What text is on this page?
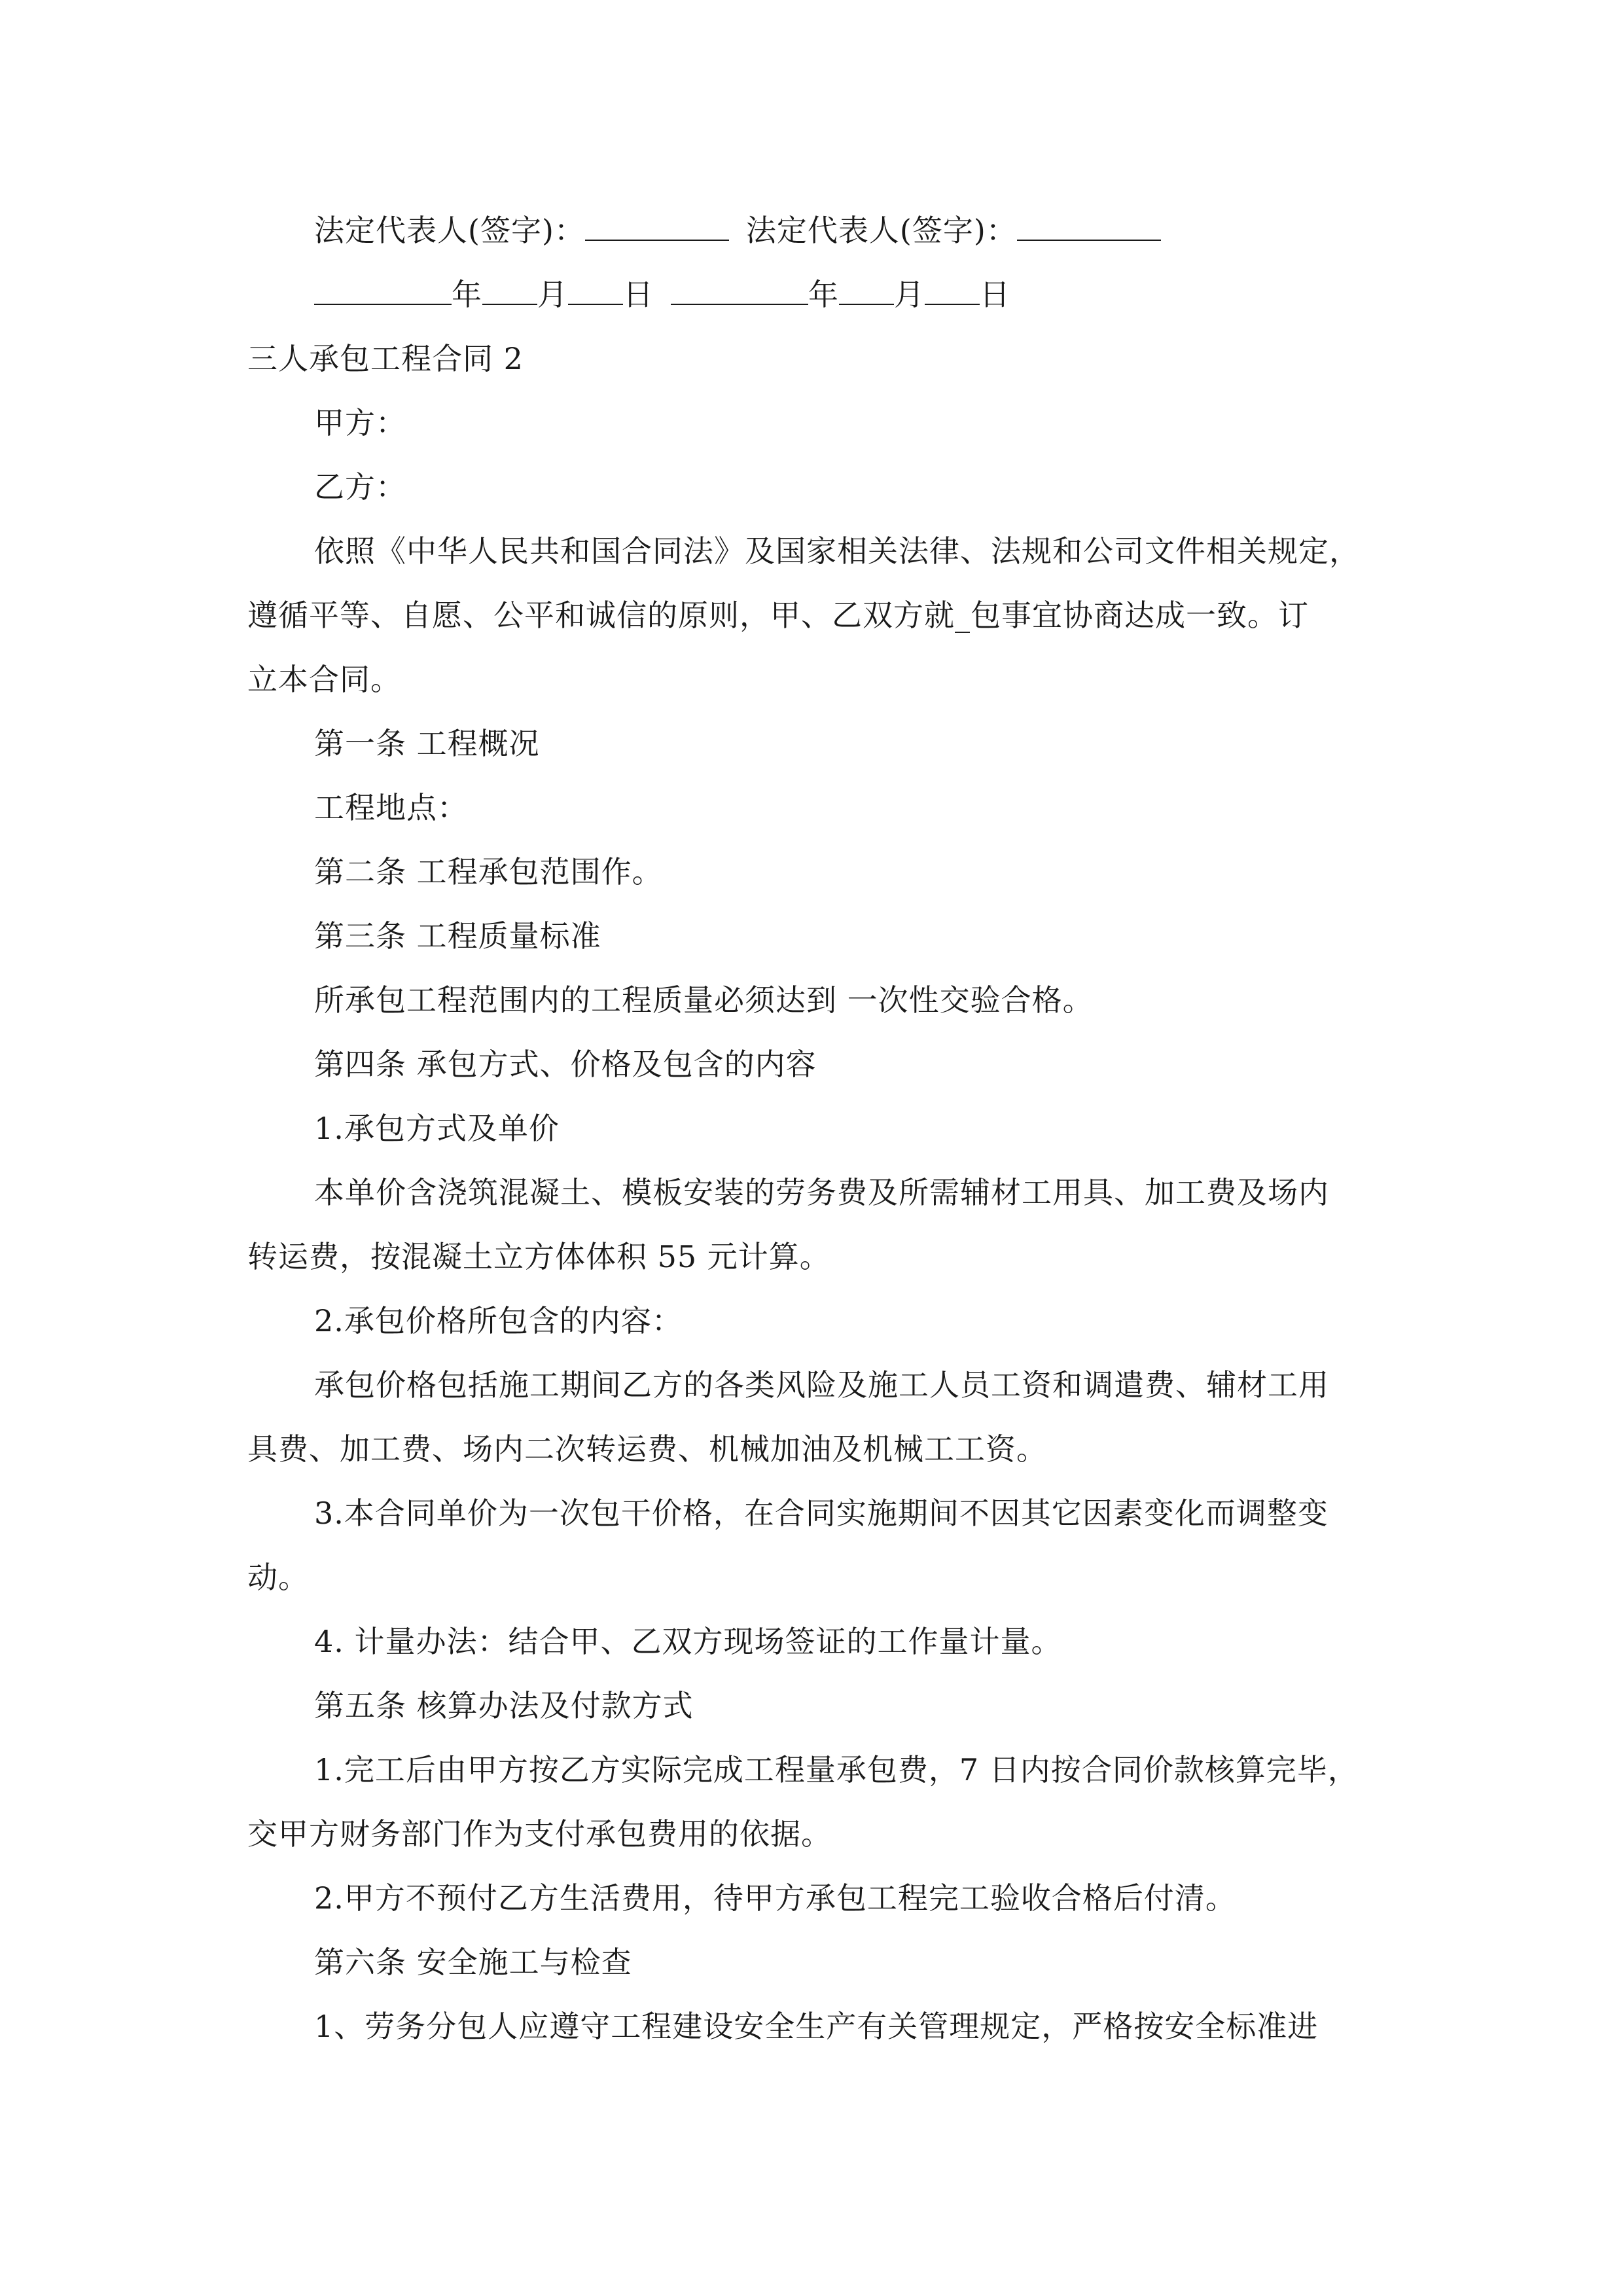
法定代表人(签字)：	法定代表人(签字)：
年 月 日	年 月 日
三人承包工程合同 2
甲方：
乙方：
依照《中华人民共和国合同法》及国家相关法律、法规和公司文件相关规定，
遵循平等、自愿、公平和诚信的原则，甲、乙双方就_包事宜协商达成一致。订
立本合同。
第一条 工程概况
工程地点：
第二条 工程承包范围作。
第三条 工程质量标准
所承包工程范围内的工程质量必须达到 一次性交验合格。
第四条 承包方式、价格及包含的内容
1.承包方式及单价
本单价含浇筑混凝土、模板安装的劳务费及所需辅材工用具、加工费及场内
转运费，按混凝土立方体体积 55 元计算。
2.承包价格所包含的内容：
承包价格包括施工期间乙方的各类风险及施工人员工资和调遣费、辅材工用
具费、加工费、场内二次转运费、机械加油及机械工工资。
3.本合同单价为一次包干价格，在合同实施期间不因其它因素变化而调整变
动。
4. 计量办法：结合甲、乙双方现场签证的工作量计量。
第五条 核算办法及付款方式
1.完工后由甲方按乙方实际完成工程量承包费，7 日内按合同价款核算完毕，
交甲方财务部门作为支付承包费用的依据。
2.甲方不预付乙方生活费用，待甲方承包工程完工验收合格后付清。
第六条 安全施工与检查
1、劳务分包人应遵守工程建设安全生产有关管理规定，严格按安全标准进
